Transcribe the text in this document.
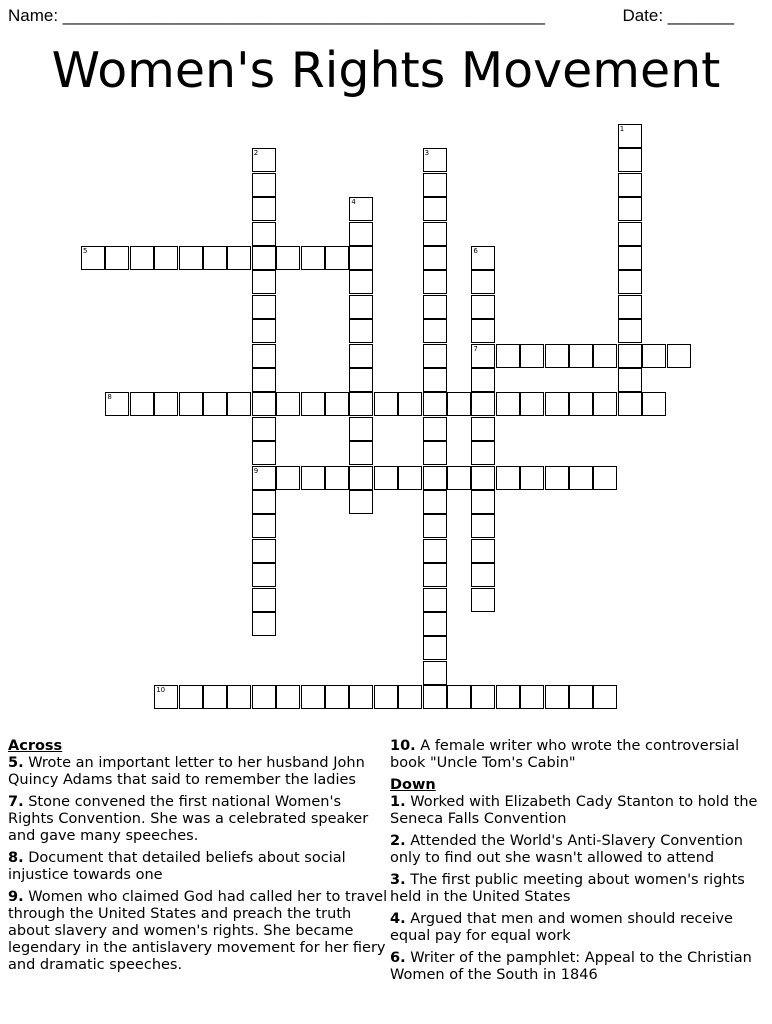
Name: ___________________________________________________	Date: _______
Women's Rights Movement
1
2
9
3
4
5	6
7
8
10
Across
5. Wrote an important letter to her husband John Quincy Adams that said to remember the ladies
7. Stone convened the first national Women's Rights Convention. She was a celebrated speaker and gave many speeches.
8. Document that detailed beliefs about social injustice towards one
9. Women who claimed God had called her to travel through the United States and preach the truth about slavery and women's rights. She became legendary in the antislavery movement for her fiery and dramatic speeches.
10. A female writer who wrote the controversial book "Uncle Tom's Cabin"
Down
1. Worked with Elizabeth Cady Stanton to hold the Seneca Falls Convention
2. Attended the World's Anti-Slavery Convention only to find out she wasn't allowed to attend
3. The first public meeting about women's rights held in the United States
4. Argued that men and women should receive equal pay for equal work
6. Writer of the pamphlet: Appeal to the Christian Women of the South in 1846
